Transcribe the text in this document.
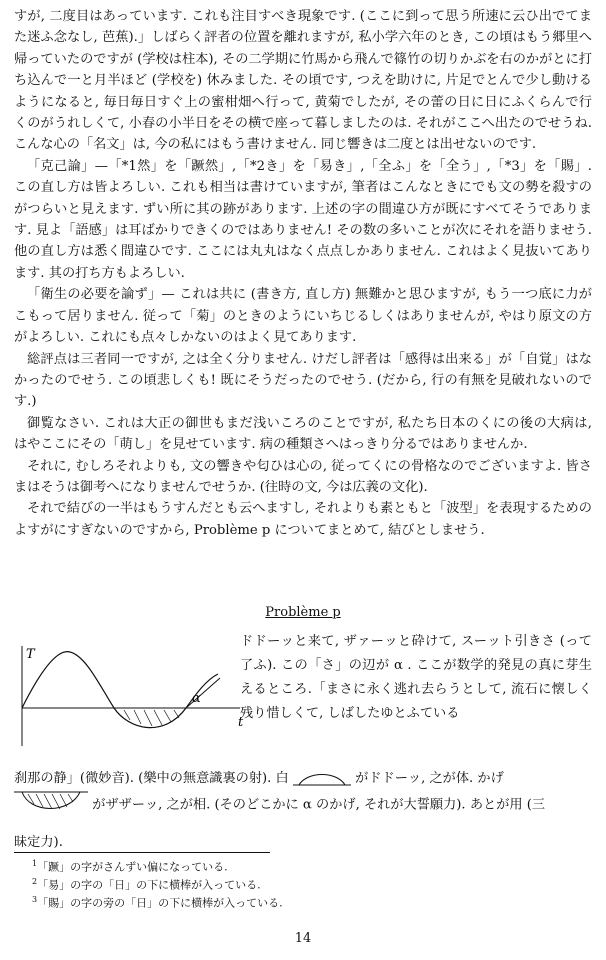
すが, 二度目はあっています. これも注目すべき現象です. (ここに到って思う所速に云ひ出でてまた迷ふ念なし, 芭蕉).」しばらく評者の位置を離れますが, 私小学六年のとき, この頃はもう郷里へ帰っていたのですが (学校は柱本), その二学期に竹馬から飛んで篠竹の切りかぶを右のかがとに打ち込んで一と月半ほど (学校を) 休みました. その頃です, つえを助けに, 片足でとんで少し動けるようになると, 毎日毎日すぐ上の蜜柑畑へ行って, 黄菊でしたが, その蕾の日に日にふくらんで行くのがうれしくて, 小春の小半日をその横で座って暮しましたのは. それがここへ出たのでせうね. こんな心の「名文」は, 今の私にはもう書けません. 同じ響きは二度とは出せないのです.

「克己論」—「*1然」を「蹶然」,「*2き」を「易き」,「全ふ」を「全う」,「*3」を「賜」. この直し方は皆よろしい. これも相当は書けていますが, 筆者はこんなときにでも文の勢を殺すのがつらいと見えます. ずい所に其の跡があります. 上述の字の間違ひ方が既にすべてそうであります. 見よ「語感」は耳ばかりできくのではありません! その数の多いことが次にそれを語りませう. 他の直し方は悉く間違ひです. ここには丸丸はなく点点しかありません. これはよく見抜いてあります. 其の打ち方もよろしい.

「衛生の必要を論ず」— これは共に (書き方, 直し方) 無難かと思ひますが, もう一つ底に力がこもって居りません. 従って「菊」のときのようにいちじるしくはありませんが, やはり原文の方がよろしい. これにも点々しかないのはよく見てあります.

総評点は三者同一ですが, 之は全く分りません. けだし評者は「感得は出来る」が「自覚」はなかったのでせう. この頃悲しくも! 既にそうだったのでせう. (だから, 行の有無を見破れないのです.)

御覧なさい. これは大正の御世もまだ浅いころのことですが, 私たち日本のくにの後の大病は, はやここにその「萌し」を見せています. 病の種類さへはっきり分るではありませんか.

それに, むしろそれよりも, 文の響きや匂ひは心の, 従ってくにの骨格なのでございますよ. 皆さまはそうは御考へになりませんでせうか. (往時の文, 今は広義の文化).

それで結びの一半はもうすんだとも云へますし, それよりも素ともと「波型」を表現するためのよすがにすぎないのですから, Problème p についてまとめて, 結びとしませう.

Problème p
T
t
α

ドドーッと来て, ザァーッと砕けて, スーット引きさ (って了ふ). この「さ」の辺が α . ここが数学的発見の真に芽生えるところ.「まさに永く逃れ去らうとして, 流石に懐しく残り惜しくて, しばしたゆとふている

刹那の静」(微妙音). (樂中の無意識裏の射). 白	がドドーッ, 之が体. かげ
がザザーッ, 之が相. (そのどこかに α のかげ, それが大誓願力). あとが用 (三
昧定力).
$^1$「蹶」の字がさんずい偏になっている.
$^2$「易」の字の「日」の下に横棒が入っている.
$^3$「賜」の字の旁の「日」の下に横棒が入っている.
14
